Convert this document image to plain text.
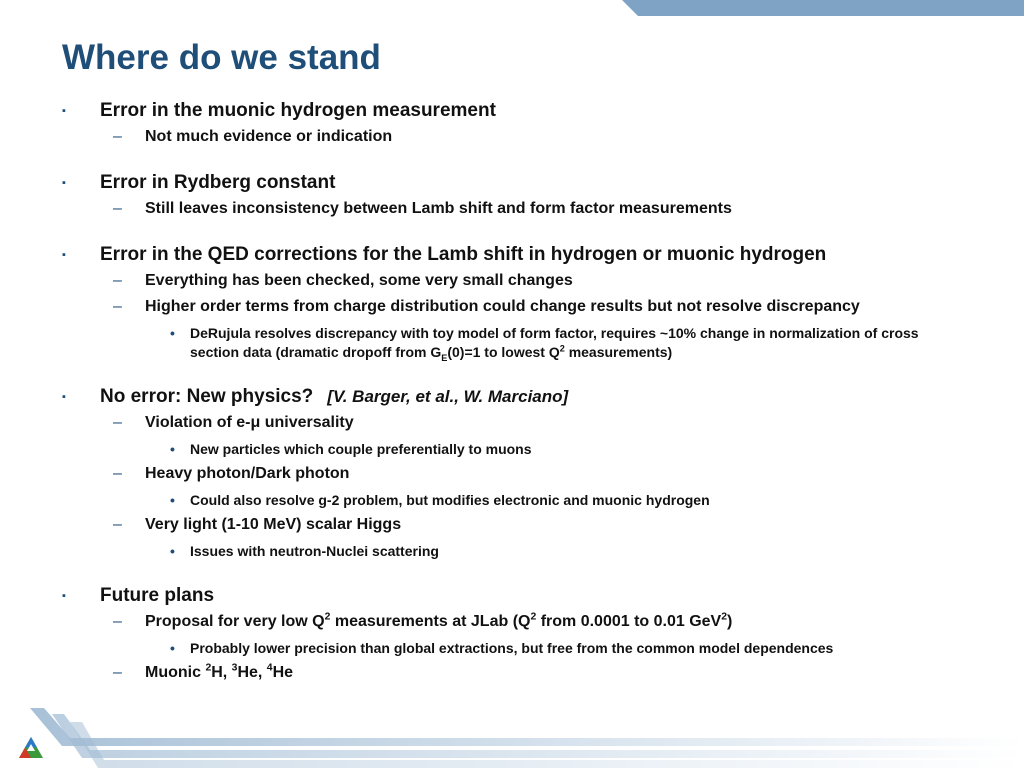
Where do we stand
▪ Error in the muonic hydrogen measurement
– Not much evidence or indication
▪ Error in Rydberg constant
– Still leaves inconsistency between Lamb shift and form factor measurements
▪ Error in the QED corrections for the Lamb shift in hydrogen or muonic hydrogen
– Everything has been checked, some very small changes
– Higher order terms from charge distribution could change results but not resolve discrepancy
• DeRujula resolves discrepancy with toy model of form factor, requires ~10% change in normalization of cross section data (dramatic dropoff from $G_E(0)=1$ to lowest $Q^2$ measurements)
▪ No error: New physics? [V. Barger, et al., W. Marciano]
– Violation of e-μ universality
• New particles which couple preferentially to muons
– Heavy photon/Dark photon
• Could also resolve g-2 problem, but modifies electronic and muonic hydrogen
– Very light (1-10 MeV) scalar Higgs
• Issues with neutron-Nuclei scattering
▪ Future plans
– Proposal for very low $Q^2$ measurements at JLab ($Q^2$ from 0.0001 to 0.01 GeV$^2$)
• Probably lower precision than global extractions, but free from the common model dependences
– Muonic $^2$H, $^3$He, $^4$He
